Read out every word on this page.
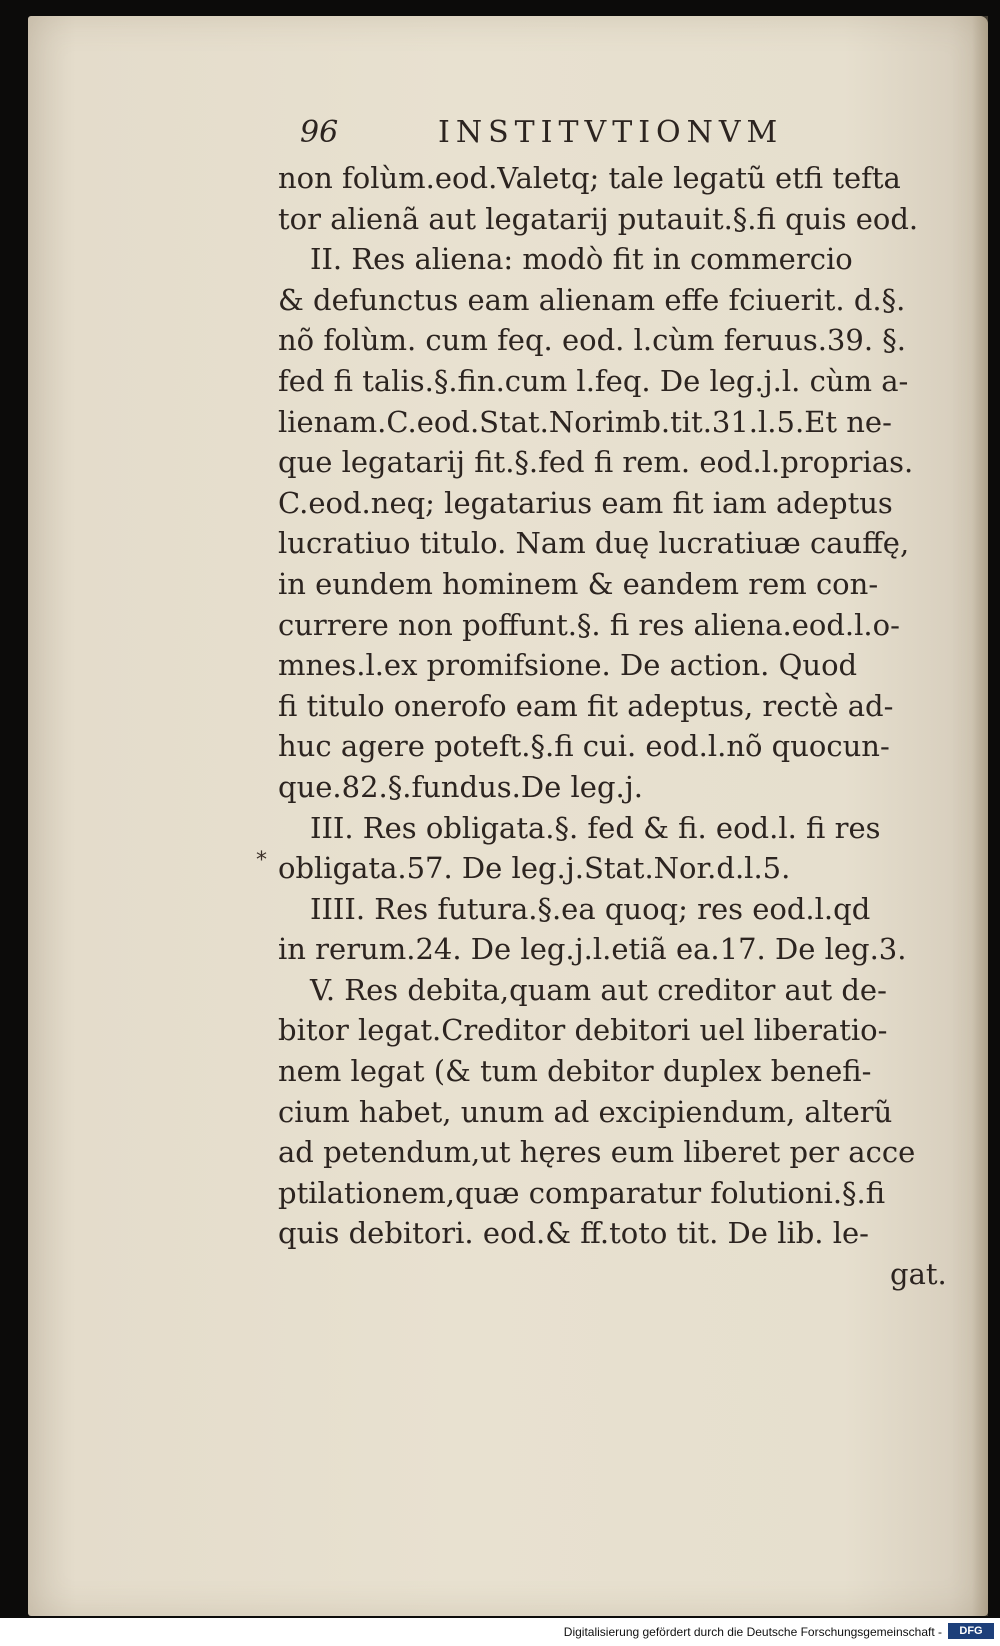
96	INSTITVTIONVM
non folùm.eod.Valetq; tale legatũ etfi tefta
tor alienã aut legatarij putauit.§.fi quis eod.
II. Res aliena: modò fit in commercio
& defunctus eam alienam effe fciuerit. d.§.
nõ folùm. cum feq. eod. l.cùm feruus.39. §.
fed fi talis.§.fin.cum l.feq. De leg.j.l. cùm a-
lienam.C.eod.Stat.Norimb.tit.31.l.5.Et ne-
que legatarij fit.§.fed fi rem. eod.l.proprias.
C.eod.neq; legatarius eam fit iam adeptus
lucratiuo titulo. Nam duę lucratiuæ cauffę,
in eundem hominem & eandem rem con-
currere non poffunt.§. fi res aliena.eod.l.o-
mnes.l.ex promifsione. De action. Quod
fi titulo onerofo eam fit adeptus, rectè ad-
huc agere poteft.§.fi cui. eod.l.nõ quocun-
que.82.§.fundus.De leg.j.
III. Res obligata.§. fed & fi. eod.l. fi res
obligata.57. De leg.j.Stat.Nor.d.l.5.
IIII. Res futura.§.ea quoq; res eod.l.qd
in rerum.24. De leg.j.l.etiã ea.17. De leg.3.
V. Res debita,quam aut creditor aut de-
bitor legat.Creditor debitori uel liberatio-
nem legat (& tum debitor duplex benefi-
cium habet, unum ad excipiendum, alterũ
ad petendum,ut hęres eum liberet per acce
ptilationem,quæ comparatur folutioni.§.fi
quis debitori. eod.& ff.toto tit. De lib. le-
gat.
*
Digitalisierung gefördert durch die Deutsche Forschungsgemeinschaft -	DFG
